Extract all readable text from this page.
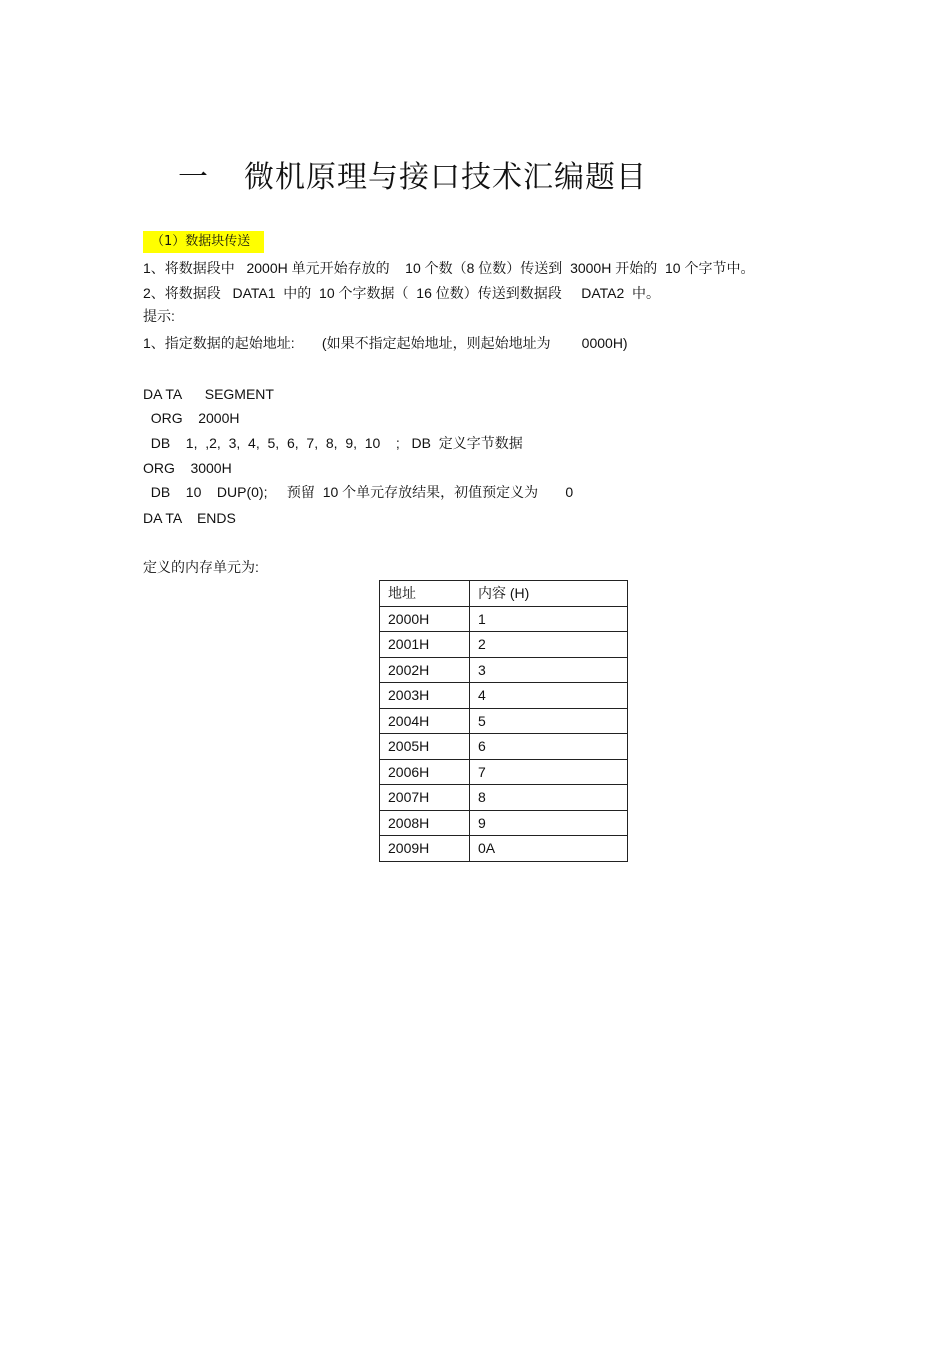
一 微机原理与接口技术汇编题目
（1）数据块传送
1、将数据段中   2000H 单元开始存放的    10 个数（8 位数）传送到  3000H 开始的  10 个字节中。
2、将数据段   DATA1  中的  10 个字数据（  16 位数）传送到数据段     DATA2  中。
提示:
1、指定数据的起始地址:       (如果不指定起始地址，则起始地址为        0000H)
DA TA      SEGMENT
ORG    2000H
DB    1,  ,2,  3,  4,  5,  6,  7,  8,  9,  10    ;   DB  定义字节数据
ORG    3000H
DB    10    DUP(0);     预留  10 个单元存放结果，初值预定义为       0
DA TA    ENDS
定义的内存单元为:
地址	内容 (H)
2000H	1
2001H	2
2002H	3
2003H	4
2004H	5
2005H	6
2006H	7
2007H	8
2008H	9
2009H	0A
